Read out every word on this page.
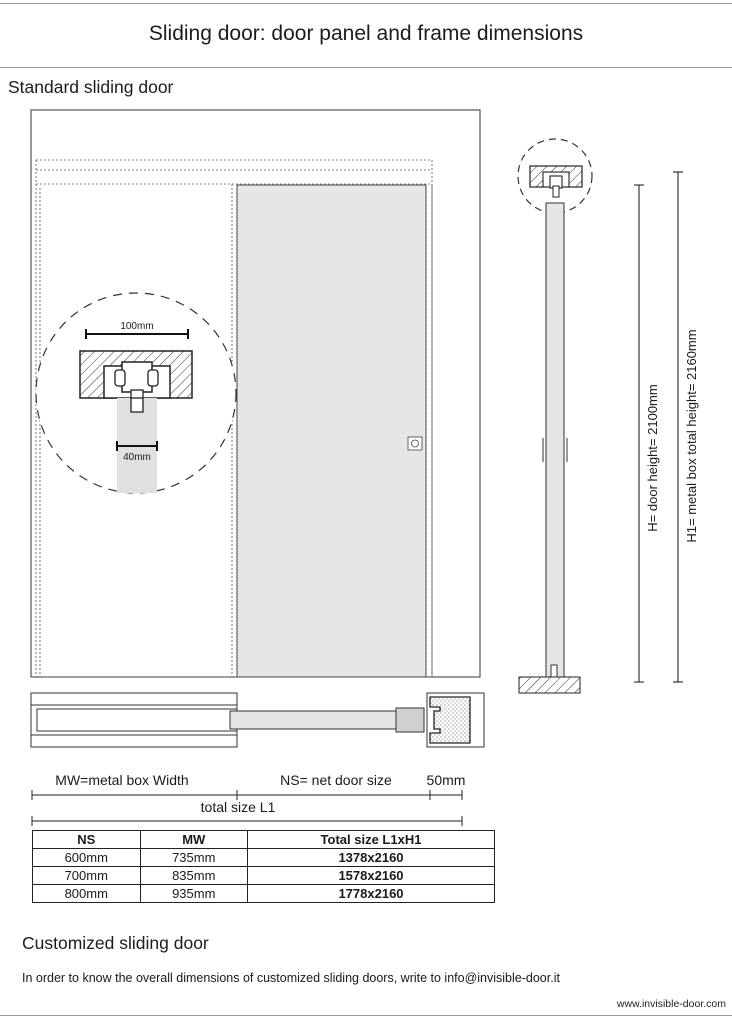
Sliding door: door panel and frame dimensions
Standard sliding door
100mm
40mm	H= door height= 2100mm H1= metal box total height= 2160mm
MW=metal box Width	NS= net door size 50mm
total size L1
NS	MW	Total size L1xH1
600mm	735mm	1378x2160
700mm	835mm	1578x2160
800mm	935mm	1778x2160
Customized sliding door
In order to know the overall dimensions of customized sliding doors, write to info@invisible-door.it
www.invisible-door.com
